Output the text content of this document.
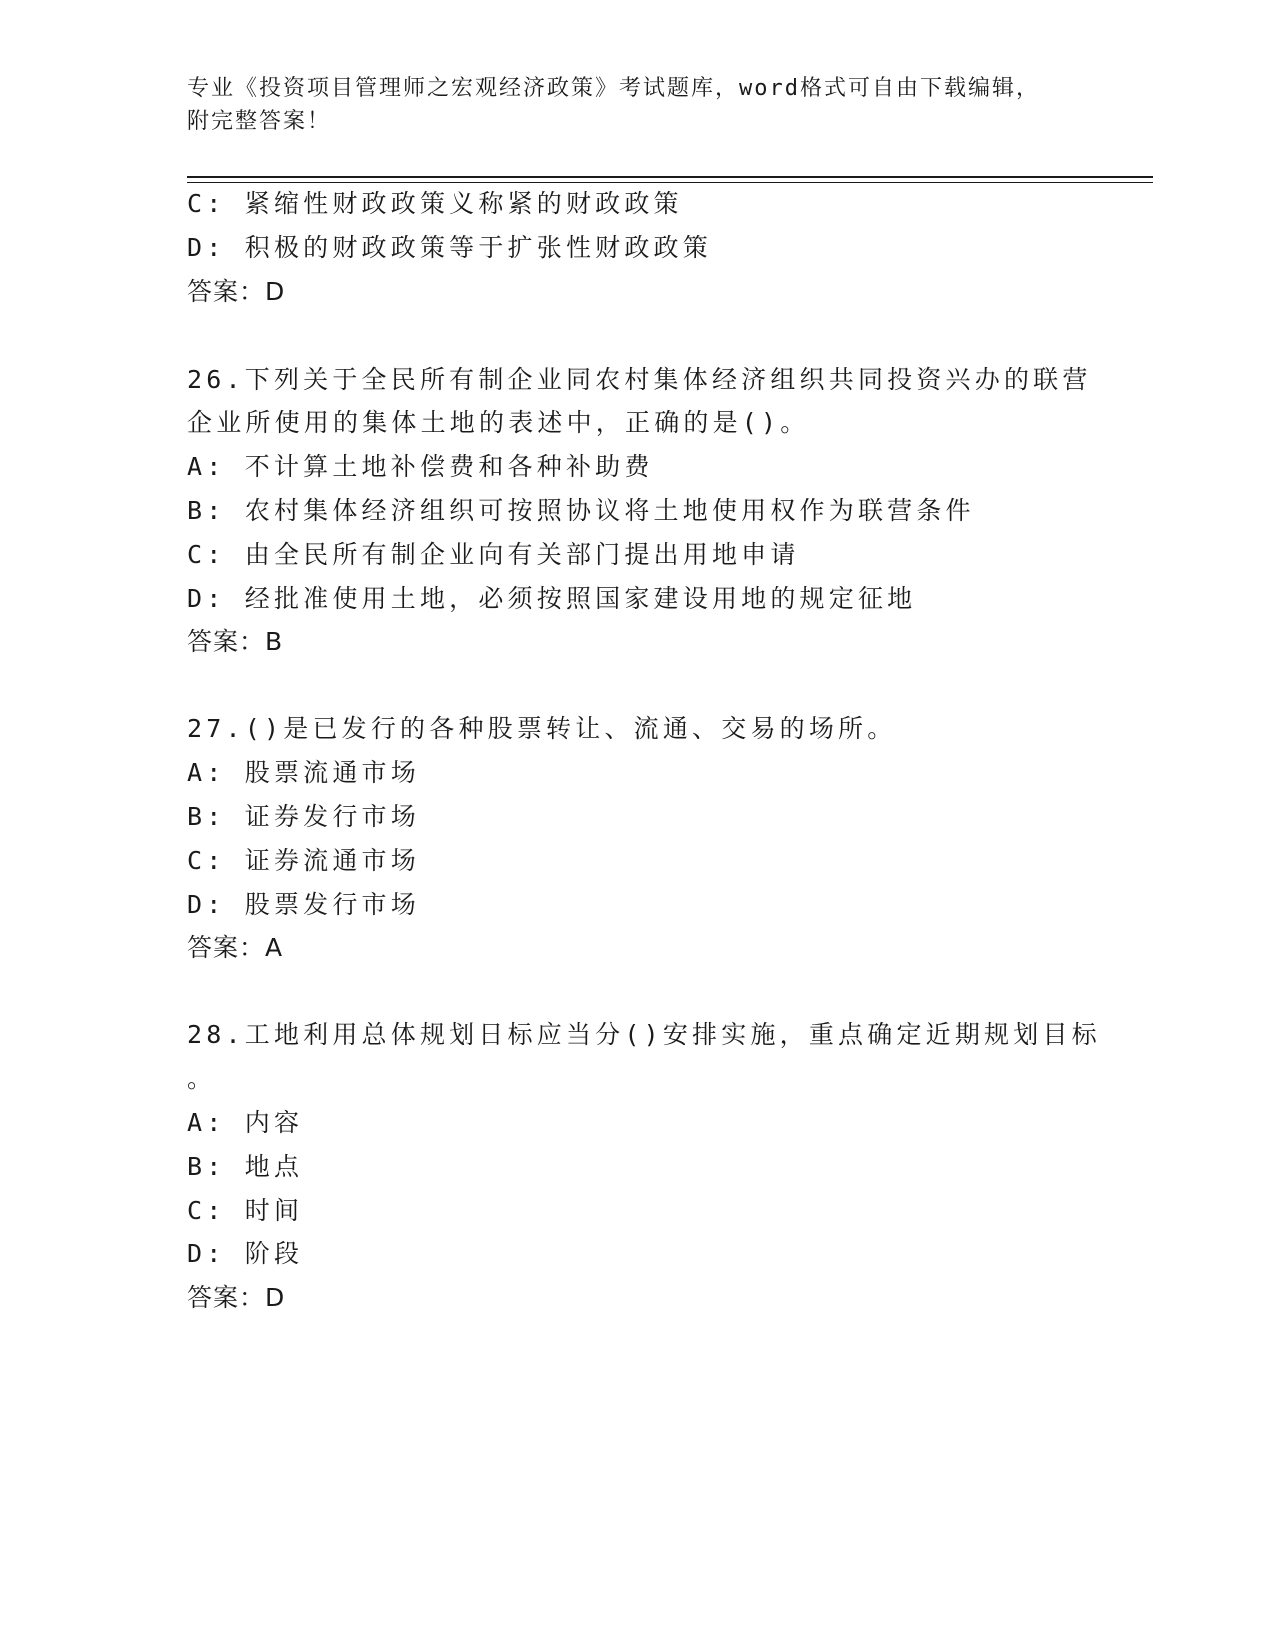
专业《投资项目管理师之宏观经济政策》考试题库，word格式可自由下载编辑，
附完整答案！
C: 紧缩性财政政策义称紧的财政政策
D: 积极的财政政策等于扩张性财政政策
答案：D
26.下列关于全民所有制企业同农村集体经济组织共同投资兴办的联营
企业所使用的集体土地的表述中，正确的是()。
A: 不计算土地补偿费和各种补助费
B: 农村集体经济组织可按照协议将土地使用权作为联营条件
C: 由全民所有制企业向有关部门提出用地申请
D: 经批准使用土地，必须按照国家建设用地的规定征地
答案：B
27.()是已发行的各种股票转让、流通、交易的场所。
A: 股票流通市场
B: 证券发行市场
C: 证券流通市场
D: 股票发行市场
答案：A
28.工地利用总体规划日标应当分()安排实施，重点确定近期规划目标
。
A: 内容
B: 地点
C: 时间
D: 阶段
答案：D
